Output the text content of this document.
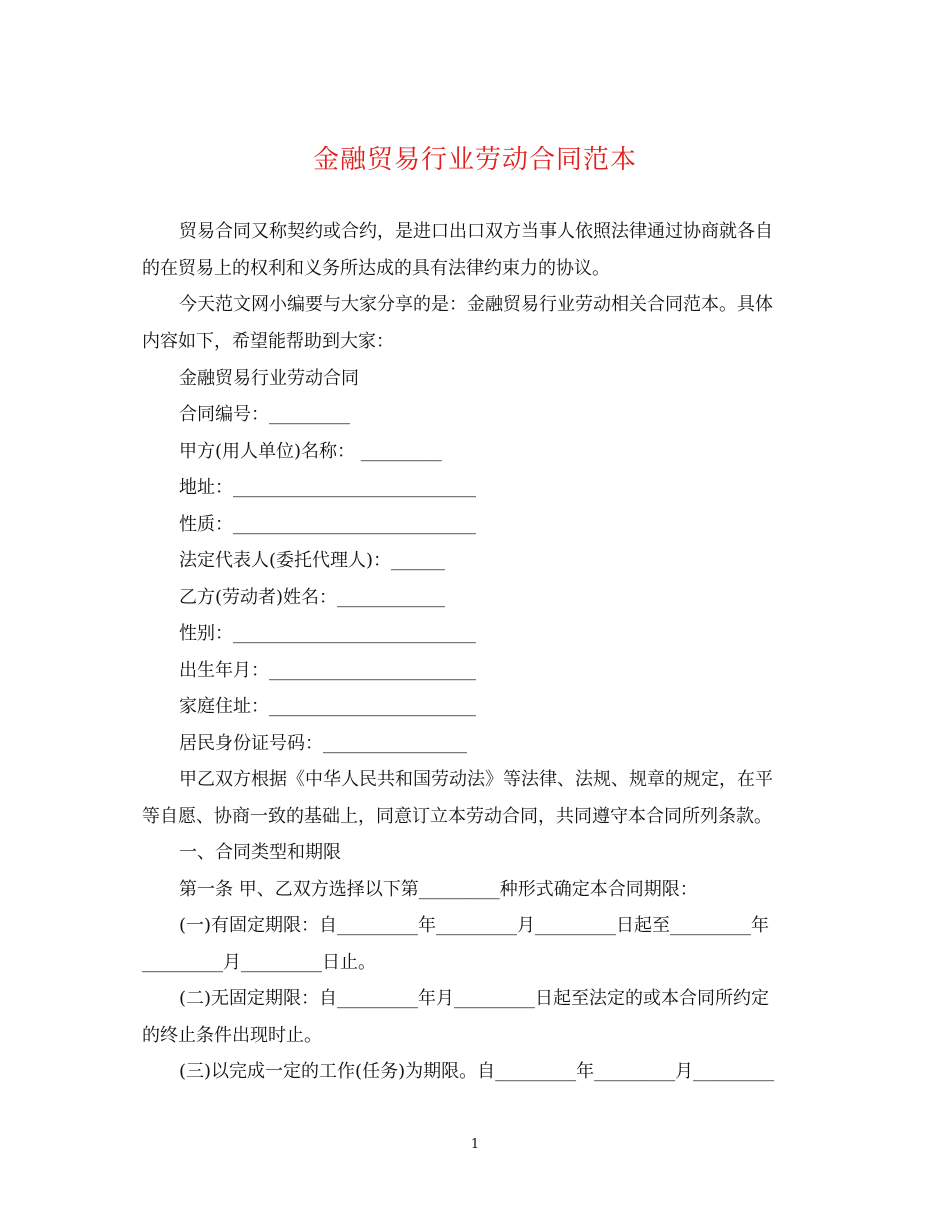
金融贸易行业劳动合同范本
贸易合同又称契约或合约，是进口出口双方当事人依照法律通过协商就各自
的在贸易上的权利和义务所达成的具有法律约束力的协议。
今天范文网小编要与大家分享的是：金融贸易行业劳动相关合同范本。具体
内容如下，希望能帮助到大家：
金融贸易行业劳动合同
合同编号：_________
甲方(用人单位)名称： _________
地址：___________________________
性质：___________________________
法定代表人(委托代理人)：______
乙方(劳动者)姓名：____________
性别：___________________________
出生年月：_______________________
家庭住址：_______________________
居民身份证号码：________________
甲乙双方根据《中华人民共和国劳动法》等法律、法规、规章的规定，在平
等自愿、协商一致的基础上，同意订立本劳动合同，共同遵守本合同所列条款。
一、合同类型和期限
第一条 甲、乙双方选择以下第_________种形式确定本合同期限：
(一)有固定期限：自_________年_________月_________日起至_________年
_________月_________日止。
(二)无固定期限：自_________年月_________日起至法定的或本合同所约定
的终止条件出现时止。
(三)以完成一定的工作(任务)为期限。自_________年_________月_________
1
